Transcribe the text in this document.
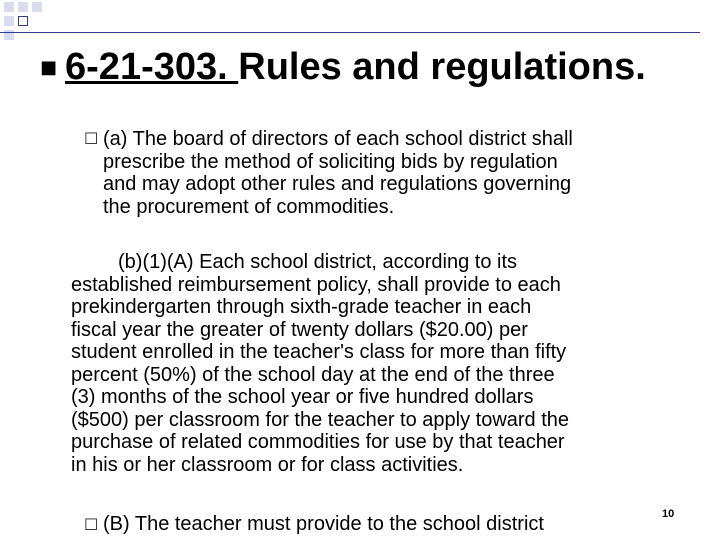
■ 6-21-303. Rules and regulations.
☐ (a) The board of directors of each school district shall
prescribe the method of soliciting bids by regulation
and may adopt other rules and regulations governing
the procurement of commodities.
(b)(1)(A) Each school district, according to its
established reimbursement policy, shall provide to each
prekindergarten through sixth-grade teacher in each
fiscal year the greater of twenty dollars ($20.00) per
student enrolled in the teacher's class for more than fifty
percent (50%) of the school day at the end of the three
(3) months of the school year or five hundred dollars
($500) per classroom for the teacher to apply toward the
purchase of related commodities for use by that teacher
in his or her classroom or for class activities.
☐ (B) The teacher must provide to the school district	10
